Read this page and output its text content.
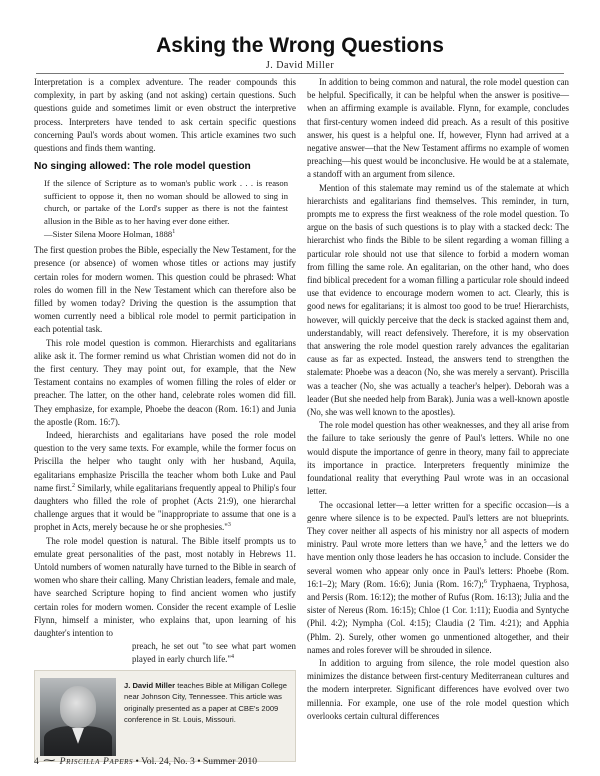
Asking the Wrong Questions
J. David Miller

Interpretation is a complex adventure. The reader compounds this complexity, in part by asking (and not asking) certain questions. Such questions guide and sometimes limit or even obstruct the interpretive process. Interpreters have tended to ask certain specific questions concerning Paul's words about women. This article examines two such questions and finds them wanting.

No singing allowed: The role model question
If the silence of Scripture as to woman's public work . . . is reason sufficient to oppose it, then no woman should be allowed to sing in church, or partake of the Lord's supper as there is not the faintest allusion in the Bible as to her having ever done either.
—Sister Silena Moore Holman, 1888$^1$

The first question probes the Bible, especially the New Testament, for the presence (or absence) of women whose titles or actions may justify certain roles for modern women. This question could be phrased: What roles do women fill in the New Testament which can therefore also be filled by women today? Driving the question is the assumption that women currently need a biblical role model to permit participation in each potential task.

This role model question is common. Hierarchists and egalitarians alike ask it. The former remind us what Christian women did not do in the first century. They may point out, for example, that the New Testament contains no examples of women filling the roles of elder or preacher. The latter, on the other hand, celebrate roles women did fill. They emphasize, for example, Phoebe the deacon (Rom. 16:1) and Junia the apostle (Rom. 16:7).

Indeed, hierarchists and egalitarians have posed the role model question to the very same texts. For example, while the former focus on Priscilla the helper who taught only with her husband, Aquila, egalitarians emphasize Priscilla the teacher whom both Luke and Paul name first.$^2$ Similarly, while egalitarians frequently appeal to Philip's four daughters who filled the role of prophet (Acts 21:9), one hierarchal challenge argues that it would be "inappropriate to assume that one is a prophet in Acts, merely because he or she prophesies."$^3$

The role model question is natural. The Bible itself prompts us to emulate great personalities of the past, most notably in Hebrews 11. Untold numbers of women naturally have turned to the Bible in search of women who share their calling. Many Christian leaders, female and male, have searched Scripture hoping to find ancient women who justify certain roles for modern women. Consider the recent example of Leslie Flynn, himself a minister, who explains that, upon learning of his daughter's intention to

preach, he set out "to see what part women played in early church life."$^4$

J. David Miller teaches Bible at Milligan College near Johnson City, Tennessee. This article was originally presented as a paper at CBE's 2009 conference in St. Louis, Missouri.

In addition to being common and natural, the role model question can be helpful. Specifically, it can be helpful when the answer is positive—when an affirming example is available. Flynn, for example, concludes that first-century women indeed did preach. As a result of this positive answer, his quest is a helpful one. If, however, Flynn had arrived at a negative answer—that the New Testament affirms no example of women preaching—his quest would be inconclusive. He would be at a stalemate, a standoff with an argument from silence.

Mention of this stalemate may remind us of the stalemate at which hierarchists and egalitarians find themselves. This reminder, in turn, prompts me to express the first weakness of the role model question. To argue on the basis of such questions is to play with a stacked deck: The hierarchist who finds the Bible to be silent regarding a woman filling a particular role should not use that silence to forbid a modern woman from filling the same role. An egalitarian, on the other hand, who does find biblical precedent for a woman filling a particular role should indeed use that evidence to encourage modern women to act. Clearly, this is good news for egalitarians; it is almost too good to be true! Hierarchists, however, will quickly perceive that the deck is stacked against them and, understandably, will react defensively. Therefore, it is my observation that answering the role model question rarely advances the egalitarian cause as far as expected. Instead, the answers tend to strengthen the stalemate: Phoebe was a deacon (No, she was merely a servant). Priscilla was a teacher (No, she was actually a teacher's helper). Deborah was a leader (But she needed help from Barak). Junia was a well-known apostle (No, she was well known to the apostles).

The role model question has other weaknesses, and they all arise from the failure to take seriously the genre of Paul's letters. While no one would dispute the importance of genre in theory, many fail to appreciate its importance in practice. Interpreters frequently minimize the foundational reality that everything Paul wrote was in an occasional letter.

The occasional letter—a letter written for a specific occasion—is a genre where silence is to be expected. Paul's letters are not blueprints. They cover neither all aspects of his ministry nor all aspects of modern ministry. Paul wrote more letters than we have,$^5$ and the letters we do have mention only those leaders he has occasion to include. Consider the several women who appear only once in Paul's letters: Phoebe (Rom. 16:1–2); Mary (Rom. 16:6); Junia (Rom. 16:7);$^6$ Tryphaena, Tryphosa, and Persis (Rom. 16:12); the mother of Rufus (Rom. 16:13); Julia and the sister of Nereus (Rom. 16:15); Chloe (1 Cor. 1:11); Euodia and Syntyche (Phil. 4:2); Nympha (Col. 4:15); Claudia (2 Tim. 4:21); and Apphia (Phlm. 2). Surely, other women go unmentioned altogether, and their names and roles forever will be shrouded in silence.

In addition to arguing from silence, the role model question also minimizes the distance between first-century Mediterranean cultures and the modern interpreter. Significant differences have evolved over two millennia. For example, one use of the role model question which overlooks certain cultural differences

4 ⁓ Priscilla Papers • Vol. 24, No. 3 • Summer 2010
